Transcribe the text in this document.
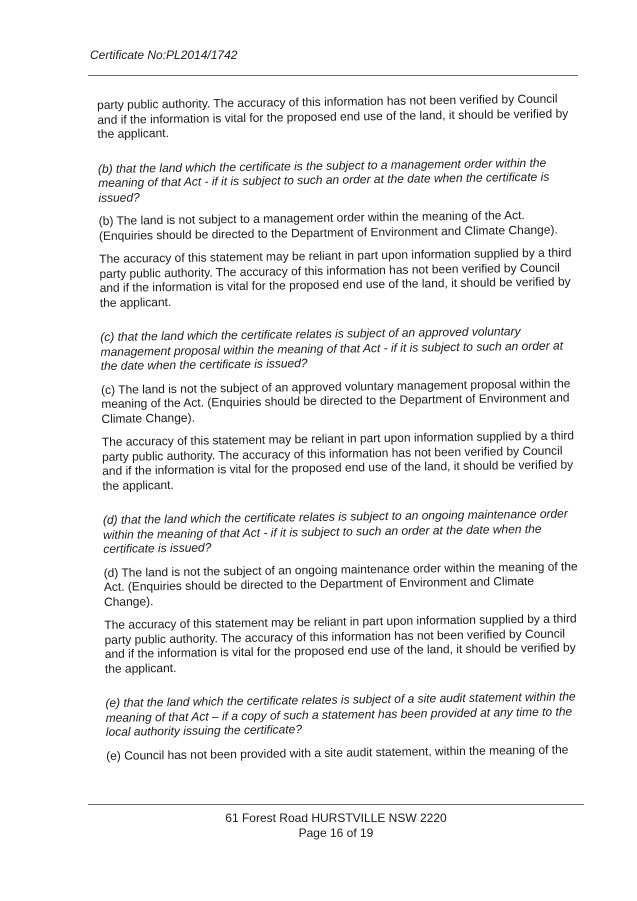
Certificate No:PL2014/1742

party public authority. The accuracy of this information has not been verified by Council and if the information is vital for the proposed end use of the land, it should be verified by the applicant.

(b) that the land which the certificate is the subject to a management order within the meaning of that Act - if it is subject to such an order at the date when the certificate is issued?

(b) The land is not subject to a management order within the meaning of the Act. (Enquiries should be directed to the Department of Environment and Climate Change).

The accuracy of this statement may be reliant in part upon information supplied by a third party public authority. The accuracy of this information has not been verified by Council and if the information is vital for the proposed end use of the land, it should be verified by the applicant.

(c) that the land which the certificate relates is subject of an approved voluntary management proposal within the meaning of that Act - if it is subject to such an order at the date when the certificate is issued?

(c) The land is not the subject of an approved voluntary management proposal within the meaning of the Act. (Enquiries should be directed to the Department of Environment and Climate Change).

The accuracy of this statement may be reliant in part upon information supplied by a third party public authority. The accuracy of this information has not been verified by Council and if the information is vital for the proposed end use of the land, it should be verified by the applicant.

(d) that the land which the certificate relates is subject to an ongoing maintenance order within the meaning of that Act - if it is subject to such an order at the date when the certificate is issued?

(d) The land is not the subject of an ongoing maintenance order within the meaning of the Act. (Enquiries should be directed to the Department of Environment and Climate Change).

The accuracy of this statement may be reliant in part upon information supplied by a third party public authority. The accuracy of this information has not been verified by Council and if the information is vital for the proposed end use of the land, it should be verified by the applicant.

(e) that the land which the certificate relates is subject of a site audit statement within the meaning of that Act – if a copy of such a statement has been provided at any time to the local authority issuing the certificate?

(e) Council has not been provided with a site audit statement, within the meaning of the

61 Forest Road HURSTVILLE NSW 2220
Page 16 of 19
